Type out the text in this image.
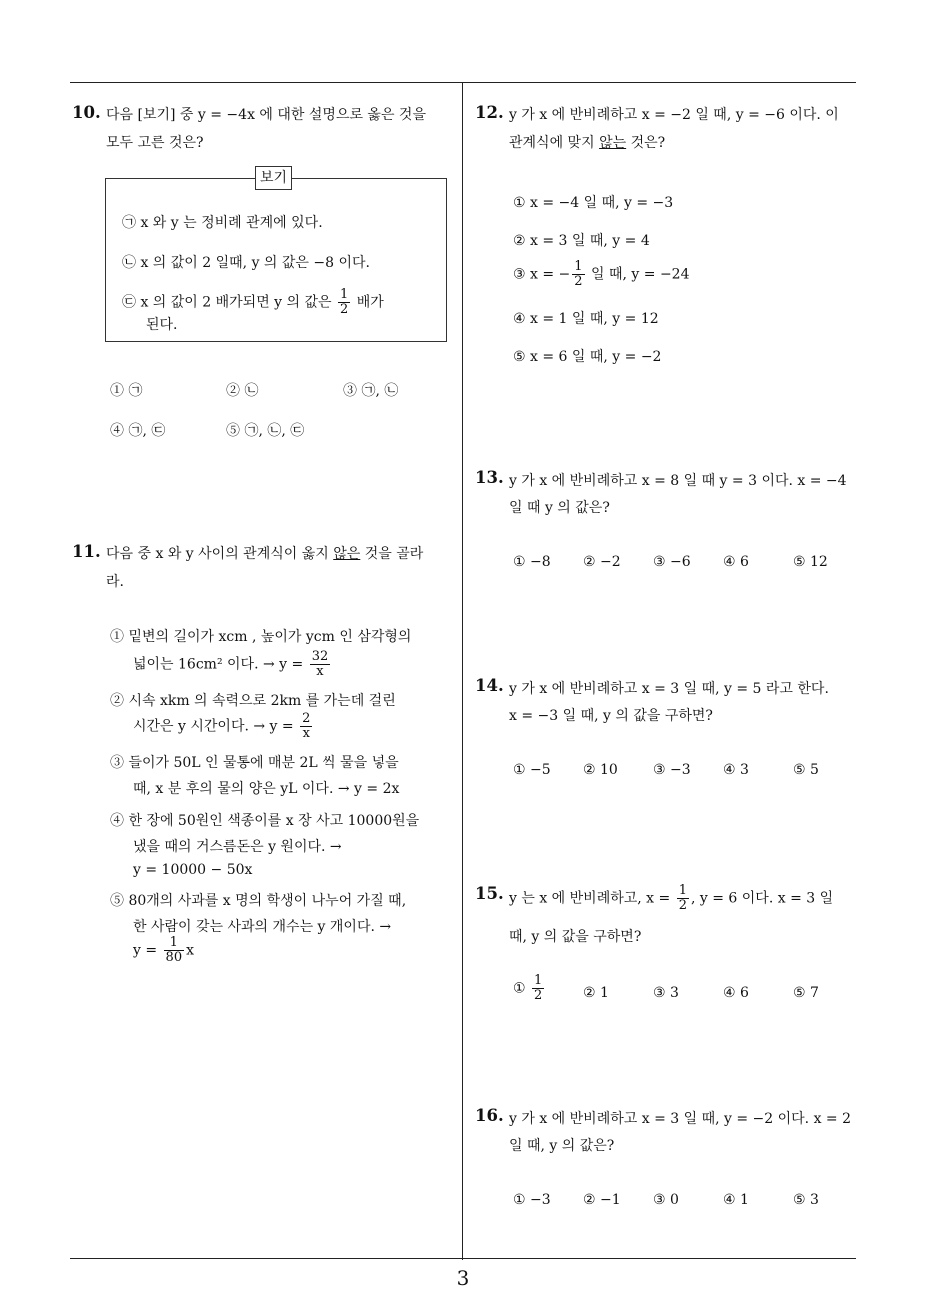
3
10. 다음 [보기] 중 y = −4x 에 대한 설명으로 옳은 것을
모두 고른 것은?
보기
㉠ x 와 y 는 정비례 관계에 있다.
㉡ x 의 값이 2 일때, y 의 값은 −8 이다.
㉢ x 의 값이 2 배가되면 y 의 값은 $\frac{1}{2}$ 배가
된다.
① ㉠	② ㉡	③ ㉠, ㉡
④ ㉠, ㉢	⑤ ㉠, ㉡, ㉢
11. 다음 중 x 와 y 사이의 관계식이 옳지 않은 것을 골라
라.
① 밑변의 길이가 xcm , 높이가 ycm 인 삼각형의
넓이는 16cm² 이다. → $y = \frac{32}{x}$
② 시속 xkm 의 속력으로 2km 를 가는데 걸린
시간은 y 시간이다. → $y = \frac{2}{x}$
③ 들이가 50L 인 물통에 매분 2L 씩 물을 넣을
때, x 분 후의 물의 양은 yL 이다. → y = 2x
④ 한 장에 50원인 색종이를 x 장 사고 10000원을
냈을 때의 거스름돈은 y 원이다. →
y = 10000 − 50x
⑤ 80개의 사과를 x 명의 학생이 나누어 가질 때,
한 사람이 갖는 사과의 개수는 y 개이다. →
$y = \frac{1}{80}$ x
12. y 가 x 에 반비례하고 x = −2 일 때, y = −6 이다. 이
관계식에 맞지 않는 것은?
① x = −4 일 때, y = −3
② x = 3 일 때, y = 4
③ x = − $\frac{1}{2}$ 일 때, y = −24
④ x = 1 일 때, y = 12
⑤ x = 6 일 때, y = −2
13. y 가 x 에 반비례하고 x = 8 일 때 y = 3 이다. x = −4
일 때 y 의 값은?
① −8 ② −2 ③ −6 ④ 6	⑤ 12
14. y 가 x 에 반비례하고 x = 3 일 때, y = 5 라고 한다.
x = −3 일 때, y 의 값을 구하면?
① −5 ② 10	③ −3 ④ 3	⑤ 5
15. y 는 x 에 반비례하고, $x = \frac{1}{2}$ , y = 6 이다. x = 3 일
때, y 의 값을 구하면?
① $\frac{1}{2}$	② 1	③ 3	④ 6	⑤ 7
16. y 가 x 에 반비례하고 x = 3 일 때, y = −2 이다. x = 2
일 때, y 의 값은?
① −3 ② −1 ③ 0	④ 1	⑤ 3
